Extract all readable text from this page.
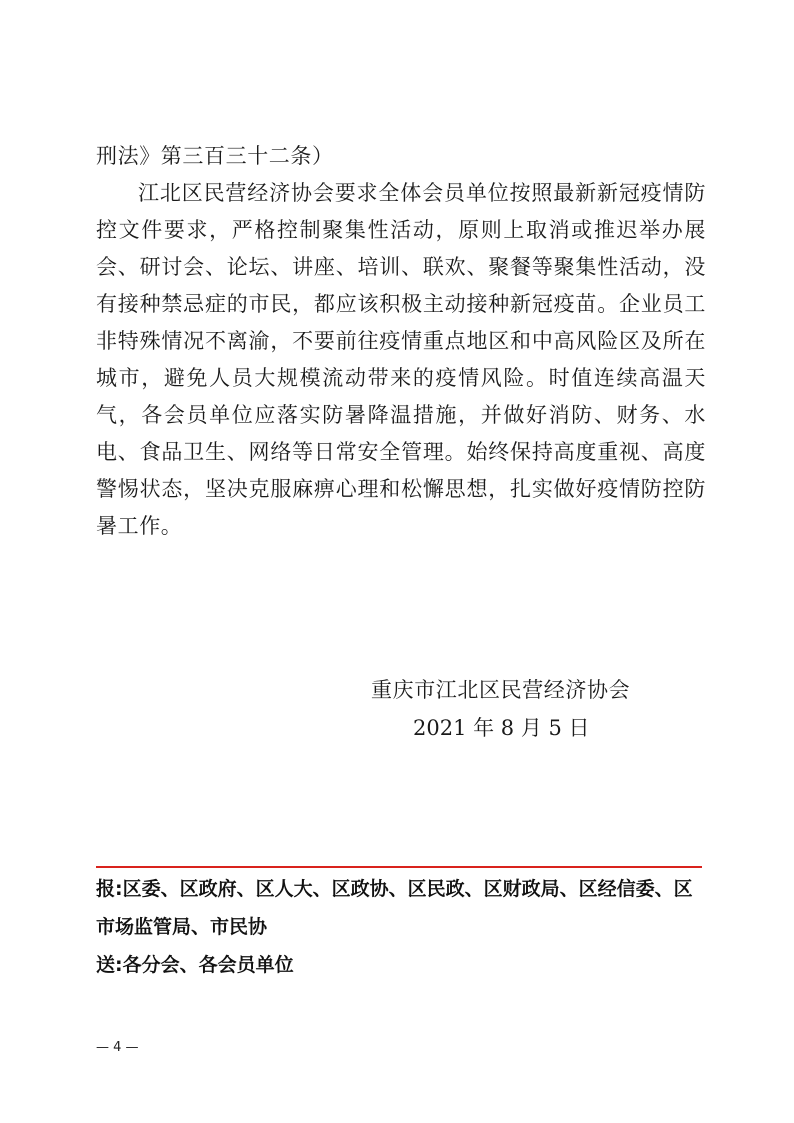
刑法》第三百三十二条）
江北区民营经济协会要求全体会员单位按照最新新冠疫情防控文件要求，严格控制聚集性活动，原则上取消或推迟举办展会、研讨会、论坛、讲座、培训、联欢、聚餐等聚集性活动，没有接种禁忌症的市民，都应该积极主动接种新冠疫苗。企业员工非特殊情况不离渝，不要前往疫情重点地区和中高风险区及所在城市，避免人员大规模流动带来的疫情风险。时值连续高温天气，各会员单位应落实防暑降温措施，并做好消防、财务、水电、食品卫生、网络等日常安全管理。始终保持高度重视、高度警惕状态，坚决克服麻痹心理和松懈思想，扎实做好疫情防控防暑工作。
重庆市江北区民营经济协会
2021 年 8 月 5 日
报:区委、区政府、区人大、区政协、区民政、区财政局、区经信委、区市场监管局、市民协
送:各分会、各会员单位
— 4 —
